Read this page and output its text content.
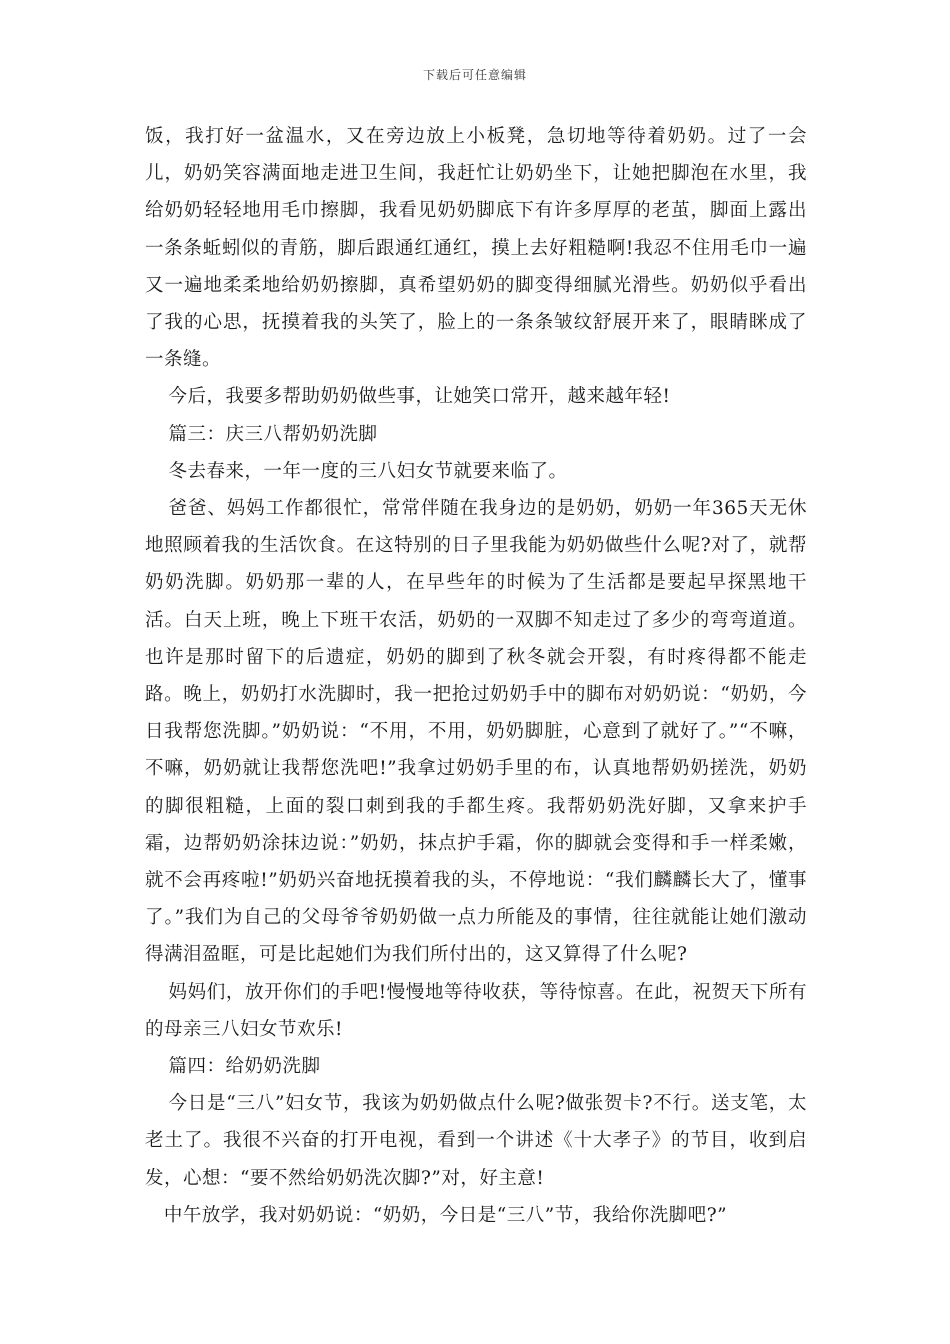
下载后可任意编辑

饭，我打好一盆温水，又在旁边放上小板凳，急切地等待着奶奶。过了一会儿，奶奶笑容满面地走进卫生间，我赶忙让奶奶坐下，让她把脚泡在水里，我给奶奶轻轻地用毛巾擦脚，我看见奶奶脚底下有许多厚厚的老茧，脚面上露出一条条蚯蚓似的青筋，脚后跟通红通红，摸上去好粗糙啊!我忍不住用毛巾一遍又一遍地柔柔地给奶奶擦脚，真希望奶奶的脚变得细腻光滑些。奶奶似乎看出了我的心思，抚摸着我的头笑了，脸上的一条条皱纹舒展开来了，眼睛眯成了一条缝。

今后，我要多帮助奶奶做些事，让她笑口常开，越来越年轻!

篇三：庆三八帮奶奶洗脚

冬去春来，一年一度的三八妇女节就要来临了。

爸爸、妈妈工作都很忙，常常伴随在我身边的是奶奶，奶奶一年365天无休地照顾着我的生活饮食。在这特别的日子里我能为奶奶做些什么呢?对了，就帮奶奶洗脚。奶奶那一辈的人，在早些年的时候为了生活都是要起早探黑地干活。白天上班，晚上下班干农活，奶奶的一双脚不知走过了多少的弯弯道道。也许是那时留下的后遗症，奶奶的脚到了秋冬就会开裂，有时疼得都不能走路。晚上，奶奶打水洗脚时，我一把抢过奶奶手中的脚布对奶奶说：“奶奶，今日我帮您洗脚。”奶奶说：“不用，不用，奶奶脚脏，心意到了就好了。”“不嘛，不嘛，奶奶就让我帮您洗吧!”我拿过奶奶手里的布，认真地帮奶奶搓洗，奶奶的脚很粗糙，上面的裂口刺到我的手都生疼。我帮奶奶洗好脚，又拿来护手霜，边帮奶奶涂抹边说：”奶奶，抹点护手霜，你的脚就会变得和手一样柔嫩，就不会再疼啦!”奶奶兴奋地抚摸着我的头，不停地说：“我们麟麟长大了，懂事了。”我们为自己的父母爷爷奶奶做一点力所能及的事情，往往就能让她们激动得满泪盈眶，可是比起她们为我们所付出的，这又算得了什么呢?

妈妈们，放开你们的手吧!慢慢地等待收获，等待惊喜。在此，祝贺天下所有的母亲三八妇女节欢乐!

篇四：给奶奶洗脚

今日是“三八”妇女节，我该为奶奶做点什么呢?做张贺卡?不行。送支笔，太老土了。我很不兴奋的打开电视，看到一个讲述《十大孝子》的节目，收到启发，心想：“要不然给奶奶洗次脚?”对，好主意!

中午放学，我对奶奶说：“奶奶，今日是“三八”节，我给你洗脚吧?”
